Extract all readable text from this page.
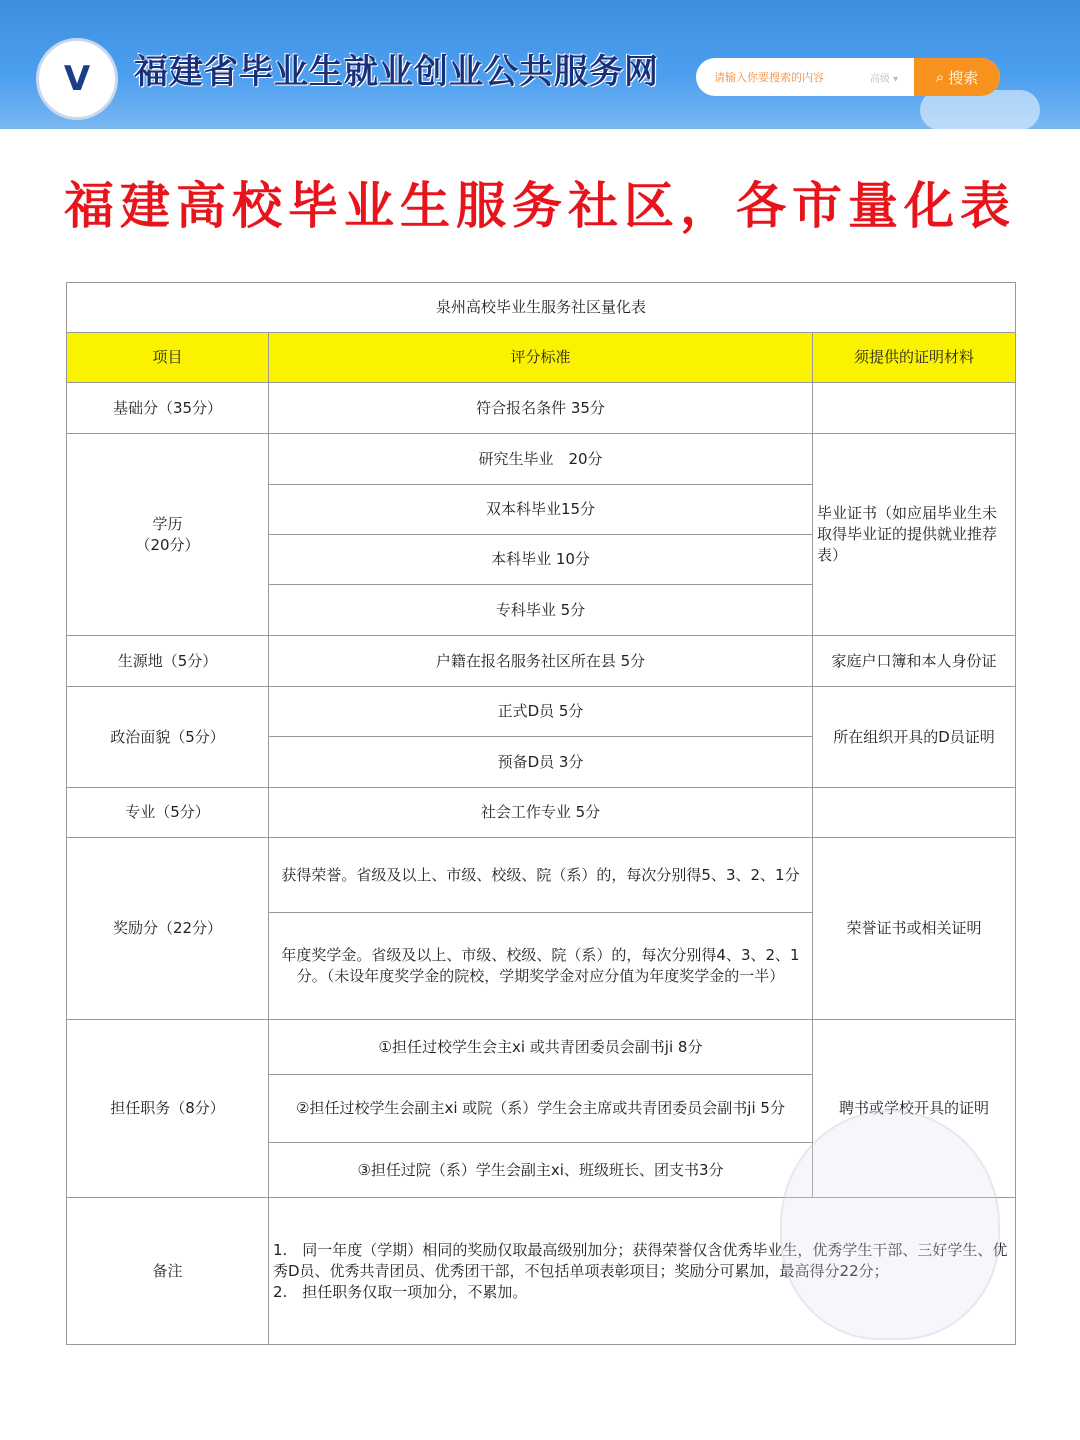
V 福建省毕业生就业创业公共服务网	请输入你要搜索的内容	高级 ▾	⌕ 搜索
福建高校毕业生服务社区，各市量化表
泉州高校毕业生服务社区量化表		
项目	评分标准	须提供的证明材料
基础分（35分）	符合报名条件 35分	
学历
（20分）	研究生毕业　20分	毕业证书（如应届毕业生未取得毕业证的提供就业推荐表）
	双本科毕业15分	
	本科毕业 10分	
	专科毕业 5分	
生源地（5分）	户籍在报名服务社区所在县 5分	家庭户口簿和本人身份证
政治面貌（5分）	正式D员 5分	所在组织开具的D员证明
	预备D员 3分	
专业（5分）	社会工作专业 5分	
奖励分（22分）	获得荣誉。省级及以上、市级、校级、院（系）的，每次分别得5、3、2、1分	荣誉证书或相关证明
	年度奖学金。省级及以上、市级、校级、院（系）的，每次分别得4、3、2、1分。（未设年度奖学金的院校，学期奖学金对应分值为年度奖学金的一半）	
担任职务（8分）	①担任过校学生会主xi 或共青团委员会副书ji 8分	聘书或学校开具的证明
	②担任过校学生会副主xi 或院（系）学生会主席或共青团委员会副书ji 5分	
	③担任过院（系）学生会副主xi、班级班长、团支书3分	
备注	1.　同一年度（学期）相同的奖励仅取最高级别加分；获得荣誉仅含优秀毕业生，优秀学生干部、三好学生、优秀D员、优秀共青团员、优秀团干部，不包括单项表彰项目；奖励分可累加，最高得分22分；
2.　担任职务仅取一项加分，不累加。	
